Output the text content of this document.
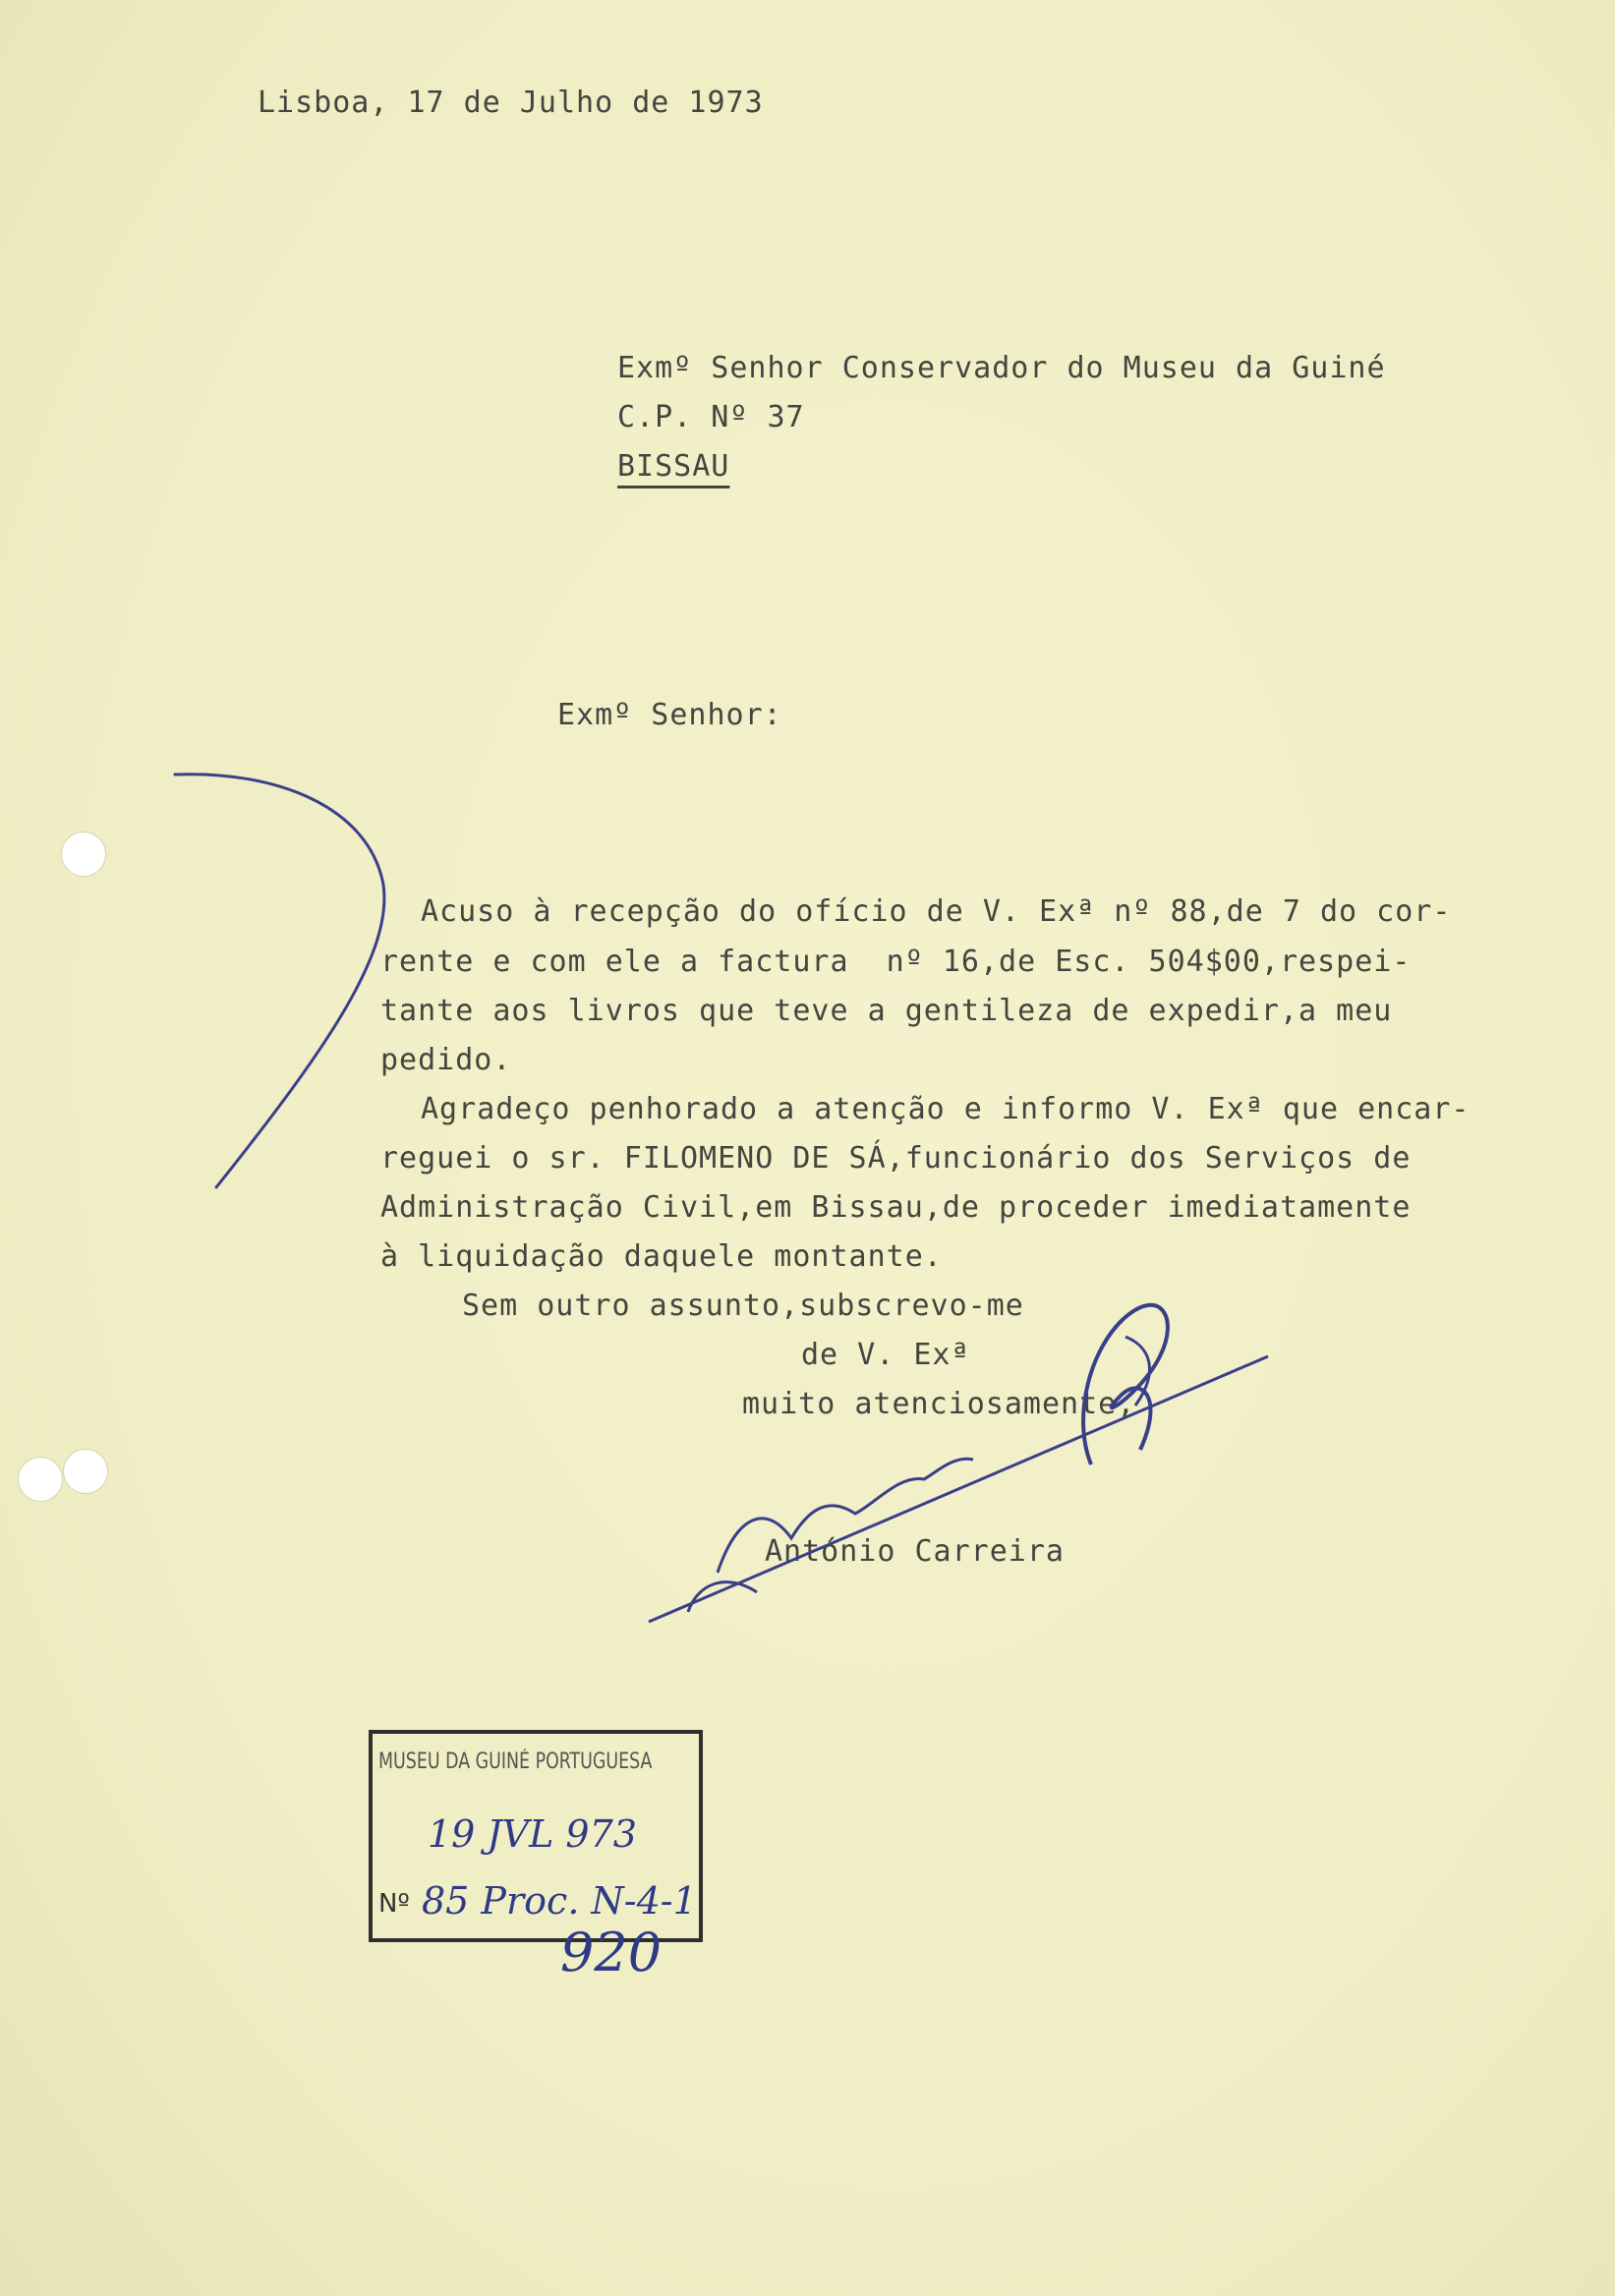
Lisboa, 17 de Julho de 1973
Exmº Senhor Conservador do Museu da Guiné
C.P. Nº 37
BISSAU
Exmº Senhor:
Acuso à recepção do ofício de V. Exª nº 88,de 7 do cor-
rente e com ele a factura  nº 16,de Esc. 504$00,respei-
tante aos livros que teve a gentileza de expedir,a meu
pedido.
Agradeço penhorado a atenção e informo V. Exª que encar-
reguei o sr. FILOMENO DE SÁ,funcionário dos Serviços de
Administração Civil,em Bissau,de proceder imediatamente
à liquidação daquele montante.
Sem outro assunto,subscrevo-me
de V. Exª
muito atenciosamente,
António Carreira
MUSEU DA GUINÉ PORTUGUESA
19 JVL 973
Nº 85 Proc. N-4-1
920
